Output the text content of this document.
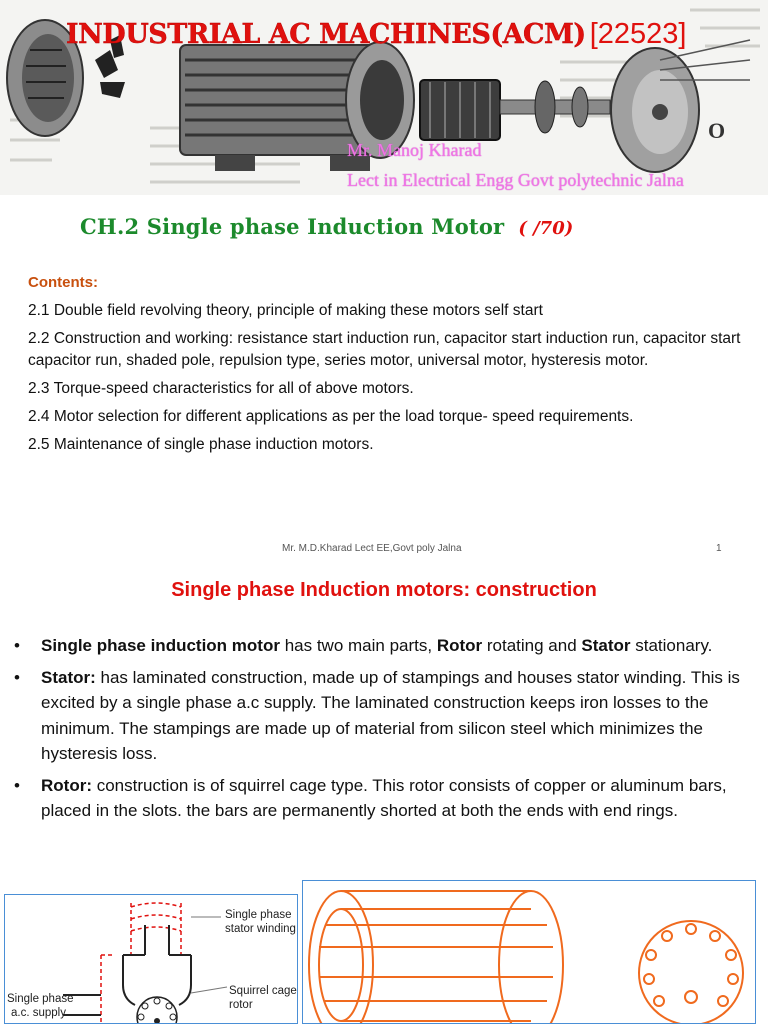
O
INDUSTRIAL AC MACHINES(ACM) [22523]
Mr. Manoj Kharad
Lect in Electrical Engg Govt polytechnic Jalna
CH.2 Single phase Induction Motor ( /70)
Contents:
2.1 Double field revolving theory, principle of making these motors self start
2.2 Construction and working: resistance start induction run, capacitor start induction run, capacitor start capacitor run, shaded pole, repulsion type, series motor, universal motor, hysteresis motor.
2.3 Torque-speed characteristics for all of above motors.
2.4 Motor selection for different applications as per the load torque- speed requirements.
2.5 Maintenance of single phase induction motors.
Mr. M.D.Kharad Lect EE,Govt poly Jalna	1
Single phase Induction motors: construction
• Single phase induction motor has two main parts, Rotor rotating and Stator stationary.
• Stator: has laminated construction, made up of stampings and houses stator winding. This is excited by a single phase a.c supply. The laminated construction keeps iron losses to the minimum. The stampings are made up of material from silicon steel which minimizes the hysteresis loss.
• Rotor: construction is of squirrel cage type. This rotor consists of copper or aluminum bars, placed in the slots. the bars are permanently shorted at both the ends with end rings.
Single phase
stator winding
Squirrel cage
rotor
Single phase
a.c. supply
